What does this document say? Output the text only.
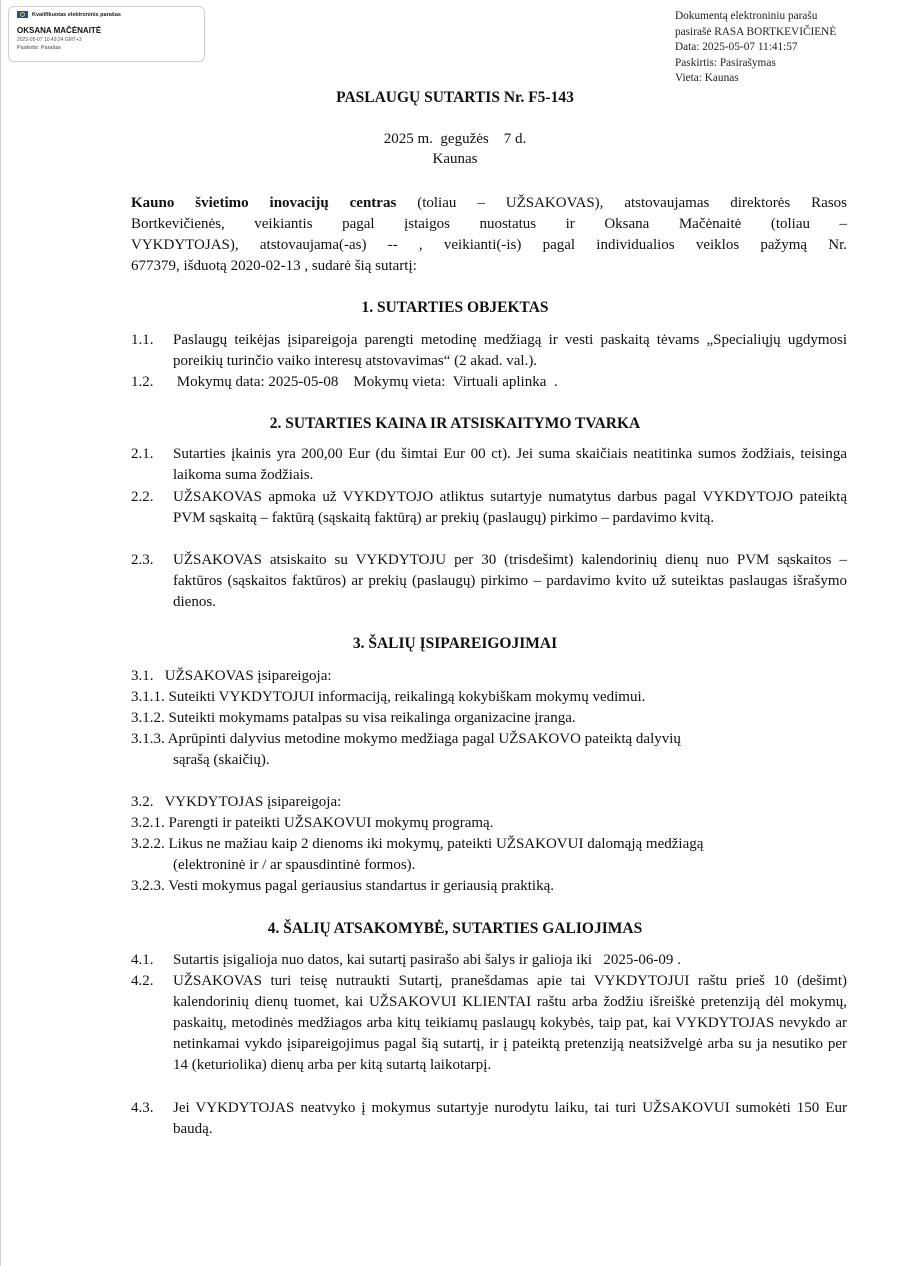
Kvalifikuotas elektroninis parašas
OKSANA MAČĖNAITĖ
2025-05-07 10:49:24 GMT+3
Paskirtis: Parašas
Dokumentą elektroniniu parašu
pasirašė RASA BORTKEVIČIENĖ
Data: 2025-05-07 11:41:57
Paskirtis: Pasirašymas
Vieta: Kaunas
PASLAUGŲ SUTARTIS Nr. F5-143
2025 m.  gegužės    7 d.
Kaunas
Kauno švietimo inovacijų centras (toliau – UŽSAKOVAS), atstovaujamas direktorės Rasos
Bortkevičienės, veikiantis pagal įstaigos nuostatus ir Oksana Mačėnaitė (toliau –
VYKDYTOJAS), atstovaujama(-as) -- , veikianti(-is) pagal individualios veiklos pažymą Nr.
677379, išduotą 2020-02-13 , sudarė šią sutartį:
1. SUTARTIES OBJEKTAS
1.1. Paslaugų teikėjas įsipareigoja parengti metodinę medžiagą ir vesti paskaitą tėvams „Specialiųjų ugdymosi poreikių turinčio vaiko interesų atstovavimas“ (2 akad. val.).
1.2. Mokymų data: 2025-05-08    Mokymų vieta:  Virtuali aplinka  .
2. SUTARTIES KAINA IR ATSISKAITYMO TVARKA
2.1. Sutarties įkainis yra 200,00 Eur (du šimtai Eur 00 ct). Jei suma skaičiais neatitinka sumos žodžiais, teisinga laikoma suma žodžiais.
2.2. UŽSAKOVAS apmoka už VYKDYTOJO atliktus sutartyje numatytus darbus pagal VYKDYTOJO pateiktą PVM sąskaitą – faktūrą (sąskaitą faktūrą) ar prekių (paslaugų) pirkimo – pardavimo kvitą.
2.3. UŽSAKOVAS atsiskaito su VYKDYTOJU per 30 (trisdešimt) kalendorinių dienų nuo PVM sąskaitos – faktūros (sąskaitos faktūros) ar prekių (paslaugų) pirkimo – pardavimo kvito už suteiktas paslaugas išrašymo dienos.
3. ŠALIŲ ĮSIPAREIGOJIMAI
3.1.   UŽSAKOVAS įsipareigoja:
3.1.1. Suteikti VYKDYTOJUI informaciją, reikalingą kokybiškam mokymų vedimui.
3.1.2. Suteikti mokymams patalpas su visa reikalinga organizacine įranga.
3.1.3. Aprūpinti dalyvius metodine mokymo medžiaga pagal UŽSAKOVO pateiktą dalyvių
sąrašą (skaičių).
3.2.   VYKDYTOJAS įsipareigoja:
3.2.1. Parengti ir pateikti UŽSAKOVUI mokymų programą.
3.2.2. Likus ne mažiau kaip 2 dienoms iki mokymų, pateikti UŽSAKOVUI dalomąją medžiagą
(elektroninė ir / ar spausdintinė formos).
3.2.3. Vesti mokymus pagal geriausius standartus ir geriausią praktiką.
4. ŠALIŲ ATSAKOMYBĖ, SUTARTIES GALIOJIMAS
4.1. Sutartis įsigalioja nuo datos, kai sutartį pasirašo abi šalys ir galioja iki   2025-06-09 .
4.2. UŽSAKOVAS turi teisę nutraukti Sutartį, pranešdamas apie tai VYKDYTOJUI raštu prieš 10 (dešimt) kalendorinių dienų tuomet, kai UŽSAKOVUI KLIENTAI raštu arba žodžiu išreiškė pretenziją dėl mokymų, paskaitų, metodinės medžiagos arba kitų teikiamų paslaugų kokybės, taip pat, kai VYKDYTOJAS nevykdo ar netinkamai vykdo įsipareigojimus pagal šią sutartį, ir į pateiktą pretenziją neatsižvelgė arba su ja nesutiko per 14 (keturiolika) dienų arba per kitą sutartą laikotarpį.
4.3. Jei VYKDYTOJAS neatvyko į mokymus sutartyje nurodytu laiku, tai turi UŽSAKOVUI sumokėti 150 Eur baudą.
